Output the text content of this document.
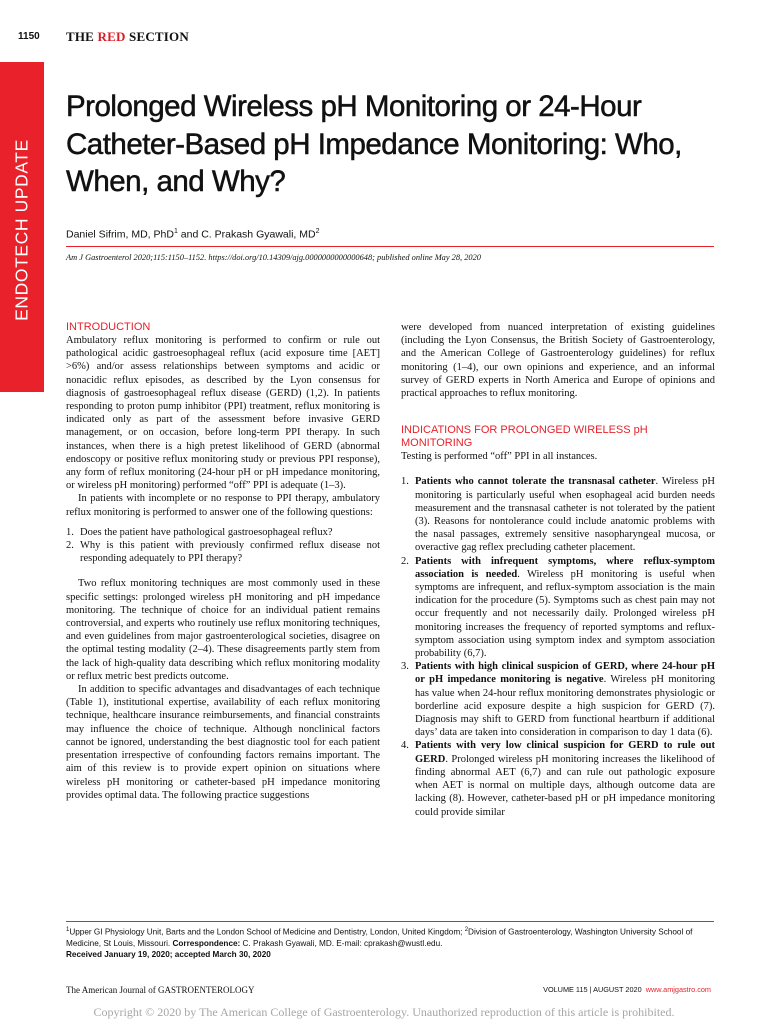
1150 THE RED SECTION
ENDOTECH UPDATE
Prolonged Wireless pH Monitoring or 24-Hour Catheter-Based pH Impedance Monitoring: Who, When, and Why?
Daniel Sifrim, MD, PhD$^1$ and C. Prakash Gyawali, $MD^2$
Am J Gastroenterol 2020;115:1150–1152. https://doi.org/10.14309/ajg.0000000000000648; published online May 28, 2020
INTRODUCTION

Ambulatory reflux monitoring is performed to confirm or rule out pathological acidic gastroesophageal reflux (acid exposure time [AET] >6%) and/or assess relationships between symptoms and acidic or nonacidic reflux episodes, as described by the Lyon consensus for diagnosis of gastroesophageal reflux disease (GERD) (1,2). In patients responding to proton pump inhibitor (PPI) treatment, reflux monitoring is indicated only as part of the assessment before invasive GERD management, or on occasion, before long-term PPI therapy. In such instances, when there is a high pretest likelihood of GERD (abnormal endoscopy or positive reflux monitoring study or previous PPI response), any form of reflux monitoring (24-hour pH or pH impedance monitoring, or wireless pH monitoring) performed “off” PPI is adequate (1–3).

In patients with incomplete or no response to PPI therapy, ambulatory reflux monitoring is performed to answer one of the following questions:

1. Does the patient have pathological gastroesophageal reflux?
2. Why is this patient with previously confirmed reflux disease not responding adequately to PPI therapy?

Two reflux monitoring techniques are most commonly used in these specific settings: prolonged wireless pH monitoring and pH impedance monitoring. The technique of choice for an individual patient remains controversial, and experts who routinely use reflux monitoring techniques, and even guidelines from major gastroenterological societies, disagree on the optimal testing modality (2–4). These disagreements partly stem from the lack of high-quality data describing which reflux monitoring modality or reflux metric best predicts outcome.

In addition to specific advantages and disadvantages of each technique (Table 1), institutional expertise, availability of each reflux monitoring technique, healthcare insurance reimbursements, and financial constraints may influence the choice of technique. Although nonclinical factors cannot be ignored, understanding the best diagnostic tool for each patient presentation irrespective of confounding factors remains important. The aim of this review is to provide expert opinion on situations where wireless pH monitoring or catheter-based pH impedance monitoring provides optimal data. The following practice suggestions

were developed from nuanced interpretation of existing guidelines (including the Lyon Consensus, the British Society of Gastroenterology, and the American College of Gastroenterology guidelines) for reflux monitoring (1–4), our own opinions and experience, and an informal survey of GERD experts in North America and Europe of opinions and practical approaches to reflux monitoring.

INDICATIONS FOR PROLONGED WIRELESS pH MONITORING

Testing is performed “off” PPI in all instances.

1. Patients who cannot tolerate the transnasal catheter. Wireless pH monitoring is particularly useful when esophageal acid burden needs measurement and the transnasal catheter is not tolerated by the patient (3). Reasons for nontolerance could include anatomic problems with the nasal passages, extremely sensitive nasopharyngeal mucosa, or overactive gag reflex precluding catheter placement.
2. Patients with infrequent symptoms, where reflux-symptom association is needed. Wireless pH monitoring is useful when symptoms are infrequent, and reflux-symptom association is the main indication for the procedure (5). Symptoms such as chest pain may not occur frequently and not necessarily daily. Prolonged wireless pH monitoring increases the frequency of reported symptoms and reflux-symptom association using symptom index and symptom association probability (6,7).
3. Patients with high clinical suspicion of GERD, where 24-hour pH or pH impedance monitoring is negative. Wireless pH monitoring has value when 24-hour reflux monitoring demonstrates physiologic or borderline acid exposure despite a high suspicion for GERD (7). Diagnosis may shift to GERD from functional heartburn if additional days’ data are taken into consideration in comparison to day 1 data (6).
4. Patients with very low clinical suspicion for GERD to rule out GERD. Prolonged wireless pH monitoring increases the likelihood of finding abnormal AET (6,7) and can rule out pathologic exposure when AET is normal on multiple days, although outcome data are lacking (8). However, catheter-based pH or pH impedance monitoring could provide similar
$^1$Upper GI Physiology Unit, Barts and the London School of Medicine and Dentistry, London, United Kingdom; $^2$Division of Gastroenterology, Washington University School of Medicine, St Louis, Missouri. Correspondence: C. Prakash Gyawali, MD. E-mail: cprakash@wustl.edu.
Received January 19, 2020; accepted March 30, 2020
The American Journal of GASTROENTEROLOGY	VOLUME 115 | AUGUST 2020 www.amjgastro.com
Copyright © 2020 by The American College of Gastroenterology. Unauthorized reproduction of this article is prohibited.
